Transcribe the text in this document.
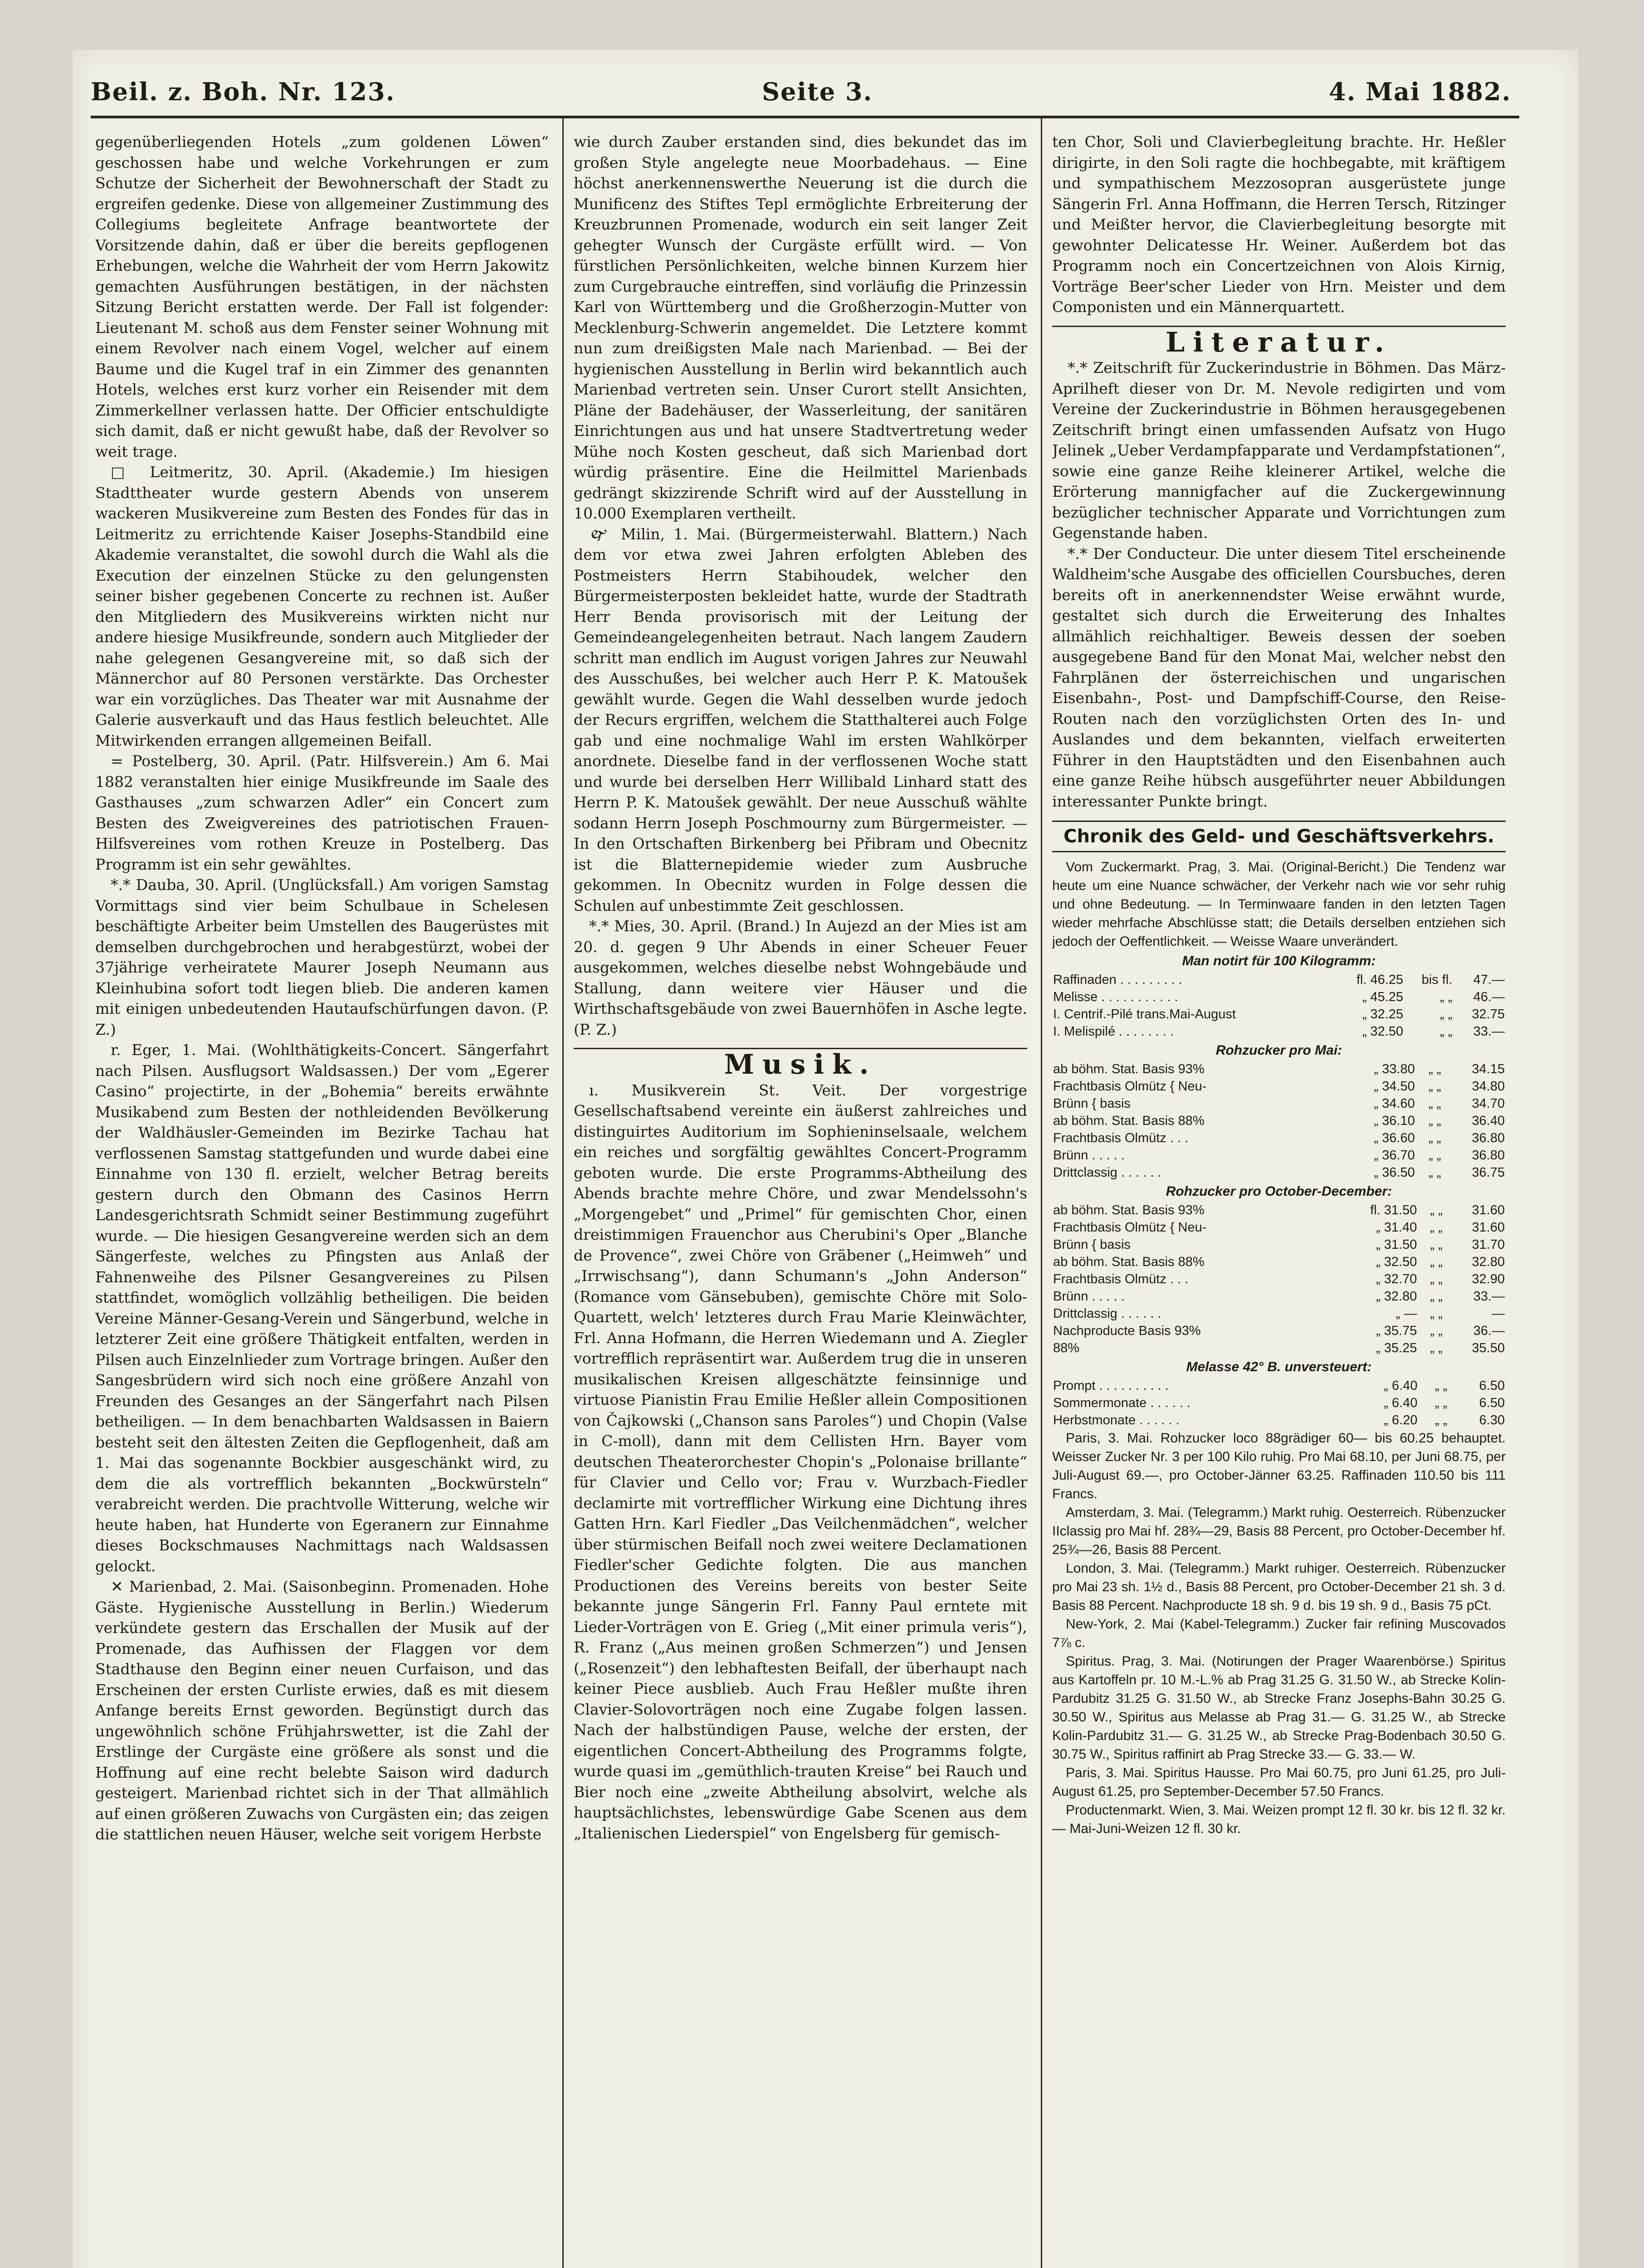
Beil. z. Boh. Nr. 123.	Seite 3.	4. Mai 1882.

gegenüberliegenden Hotels „zum goldenen Löwen“ geschossen habe und welche Vorkehrungen er zum Schutze der Sicherheit der Bewohnerschaft der Stadt zu ergreifen gedenke. Diese von allgemeiner Zustimmung des Collegiums begleitete Anfrage beantwortete der Vorsitzende dahin, daß er über die bereits gepflogenen Erhebungen, welche die Wahrheit der vom Herrn Jakowitz gemachten Ausführungen bestätigen, in der nächsten Sitzung Bericht erstatten werde. Der Fall ist folgender: Lieutenant M. schoß aus dem Fenster seiner Wohnung mit einem Revolver nach einem Vogel, welcher auf einem Baume und die Kugel traf in ein Zimmer des genannten Hotels, welches erst kurz vorher ein Reisender mit dem Zimmerkellner verlassen hatte. Der Officier entschuldigte sich damit, daß er nicht gewußt habe, daß der Revolver so weit trage.

□ Leitmeritz, 30. April. (Akademie.) Im hiesigen Stadttheater wurde gestern Abends von unserem wackeren Musikvereine zum Besten des Fondes für das in Leitmeritz zu errichtende Kaiser Josephs-Standbild eine Akademie veranstaltet, die sowohl durch die Wahl als die Execution der einzelnen Stücke zu den gelungensten seiner bisher gegebenen Concerte zu rechnen ist. Außer den Mitgliedern des Musikvereins wirkten nicht nur andere hiesige Musikfreunde, sondern auch Mitglieder der nahe gelegenen Gesangvereine mit, so daß sich der Männerchor auf 80 Personen verstärkte. Das Orchester war ein vorzügliches. Das Theater war mit Ausnahme der Galerie ausverkauft und das Haus festlich beleuchtet. Alle Mitwirkenden errangen allgemeinen Beifall.

= Postelberg, 30. April. (Patr. Hilfsverein.) Am 6. Mai 1882 veranstalten hier einige Musikfreunde im Saale des Gasthauses „zum schwarzen Adler“ ein Concert zum Besten des Zweigvereines des patriotischen Frauen-Hilfsvereines vom rothen Kreuze in Postelberg. Das Programm ist ein sehr gewähltes.

*.* Dauba, 30. April. (Unglücksfall.) Am vorigen Samstag Vormittags sind vier beim Schulbaue in Schelesen beschäftigte Arbeiter beim Umstellen des Baugerüstes mit demselben durchgebrochen und herabgestürzt, wobei der 37jährige verheiratete Maurer Joseph Neumann aus Kleinhubina sofort todt liegen blieb. Die anderen kamen mit einigen unbedeutenden Hautaufschürfungen davon. (P. Z.)

r. Eger, 1. Mai. (Wohlthätigkeits-Concert. Sängerfahrt nach Pilsen. Ausflugsort Waldsassen.) Der vom „Egerer Casino“ projectirte, in der „Bohemia“ bereits erwähnte Musikabend zum Besten der nothleidenden Bevölkerung der Waldhäusler-Gemeinden im Bezirke Tachau hat verflossenen Samstag stattgefunden und wurde dabei eine Einnahme von 130 fl. erzielt, welcher Betrag bereits gestern durch den Obmann des Casinos Herrn Landesgerichtsrath Schmidt seiner Bestimmung zugeführt wurde. — Die hiesigen Gesangvereine werden sich an dem Sängerfeste, welches zu Pfingsten aus Anlaß der Fahnenweihe des Pilsner Gesangvereines zu Pilsen stattfindet, womöglich vollzählig betheiligen. Die beiden Vereine Männer-Gesang-Verein und Sängerbund, welche in letzterer Zeit eine größere Thätigkeit entfalten, werden in Pilsen auch Einzelnlieder zum Vortrage bringen. Außer den Sangesbrüdern wird sich noch eine größere Anzahl von Freunden des Gesanges an der Sängerfahrt nach Pilsen betheiligen. — In dem benachbarten Waldsassen in Baiern besteht seit den ältesten Zeiten die Gepflogenheit, daß am 1. Mai das sogenannte Bockbier ausgeschänkt wird, zu dem die als vortrefflich bekannten „Bockwürsteln“ verabreicht werden. Die prachtvolle Witterung, welche wir heute haben, hat Hunderte von Egeranern zur Einnahme dieses Bockschmauses Nachmittags nach Waldsassen gelockt.

✕ Marienbad, 2. Mai. (Saisonbeginn. Promenaden. Hohe Gäste. Hygienische Ausstellung in Berlin.) Wiederum verkündete gestern das Erschallen der Musik auf der Promenade, das Aufhissen der Flaggen vor dem Stadthause den Beginn einer neuen Curfaison, und das Erscheinen der ersten Curliste erwies, daß es mit diesem Anfange bereits Ernst geworden. Begünstigt durch das ungewöhnlich schöne Frühjahrswetter, ist die Zahl der Erstlinge der Curgäste eine größere als sonst und die Hoffnung auf eine recht belebte Saison wird dadurch gesteigert. Marienbad richtet sich in der That allmählich auf einen größeren Zuwachs von Curgästen ein; das zeigen die stattlichen neuen Häuser, welche seit vorigem Herbste

wie durch Zauber erstanden sind, dies bekundet das im großen Style angelegte neue Moorbadehaus. — Eine höchst anerkennenswerthe Neuerung ist die durch die Munificenz des Stiftes Tepl ermöglichte Erbreiterung der Kreuzbrunnen Promenade, wodurch ein seit langer Zeit gehegter Wunsch der Curgäste erfüllt wird. — Von fürstlichen Persönlichkeiten, welche binnen Kurzem hier zum Curgebrauche eintreffen, sind vorläufig die Prinzessin Karl von Württemberg und die Großherzogin-Mutter von Mecklenburg-Schwerin angemeldet. Die Letztere kommt nun zum dreißigsten Male nach Marienbad. — Bei der hygienischen Ausstellung in Berlin wird bekanntlich auch Marienbad vertreten sein. Unser Curort stellt Ansichten, Pläne der Badehäuser, der Wasserleitung, der sanitären Einrichtungen aus und hat unsere Stadtvertretung weder Mühe noch Kosten gescheut, daß sich Marienbad dort würdig präsentire. Eine die Heilmittel Marienbads gedrängt skizzirende Schrift wird auf der Ausstellung in 10.000 Exemplaren vertheilt.

🙰 Milin, 1. Mai. (Bürgermeisterwahl. Blattern.) Nach dem vor etwa zwei Jahren erfolgten Ableben des Postmeisters Herrn Stabihoudek, welcher den Bürgermeisterposten bekleidet hatte, wurde der Stadtrath Herr Benda provisorisch mit der Leitung der Gemeindeangelegenheiten betraut. Nach langem Zaudern schritt man endlich im August vorigen Jahres zur Neuwahl des Ausschußes, bei welcher auch Herr P. K. Matoušek gewählt wurde. Gegen die Wahl desselben wurde jedoch der Recurs ergriffen, welchem die Statthalterei auch Folge gab und eine nochmalige Wahl im ersten Wahlkörper anordnete. Dieselbe fand in der verflossenen Woche statt und wurde bei derselben Herr Willibald Linhard statt des Herrn P. K. Matoušek gewählt. Der neue Ausschuß wählte sodann Herrn Joseph Poschmourny zum Bürgermeister. — In den Ortschaften Birkenberg bei Přibram und Obecnitz ist die Blatternepidemie wieder zum Ausbruche gekommen. In Obecnitz wurden in Folge dessen die Schulen auf unbestimmte Zeit geschlossen.

*.* Mies, 30. April. (Brand.) In Aujezd an der Mies ist am 20. d. gegen 9 Uhr Abends in einer Scheuer Feuer ausgekommen, welches dieselbe nebst Wohngebäude und Stallung, dann weitere vier Häuser und die Wirthschaftsgebäude von zwei Bauernhöfen in Asche legte. (P. Z.)

Musik.

ı. Musikverein St. Veit. Der vorgestrige Gesellschaftsabend vereinte ein äußerst zahlreiches und distinguirtes Auditorium im Sophieninselsaale, welchem ein reiches und sorgfältig gewähltes Concert-Programm geboten wurde. Die erste Programms-Abtheilung des Abends brachte mehre Chöre, und zwar Mendelssohn's „Morgengebet“ und „Primel“ für gemischten Chor, einen dreistimmigen Frauenchor aus Cherubini's Oper „Blanche de Provence“, zwei Chöre von Gräbener („Heimweh“ und „Irrwischsang“), dann Schumann's „John Anderson“ (Romance vom Gänsebuben), gemischte Chöre mit Solo-Quartett, welch' letzteres durch Frau Marie Kleinwächter, Frl. Anna Hofmann, die Herren Wiedemann und A. Ziegler vortrefflich repräsentirt war. Außerdem trug die in unseren musikalischen Kreisen allgeschätzte feinsinnige und virtuose Pianistin Frau Emilie Heßler allein Compositionen von Čajkowski („Chanson sans Paroles“) und Chopin (Valse in C-moll), dann mit dem Cellisten Hrn. Bayer vom deutschen Theaterorchester Chopin's „Polonaise brillante“ für Clavier und Cello vor; Frau v. Wurzbach-Fiedler declamirte mit vortrefflicher Wirkung eine Dichtung ihres Gatten Hrn. Karl Fiedler „Das Veilchenmädchen“, welcher über stürmischen Beifall noch zwei weitere Declamationen Fiedler'scher Gedichte folgten. Die aus manchen Productionen des Vereins bereits von bester Seite bekannte junge Sängerin Frl. Fanny Paul erntete mit Lieder-Vorträgen von E. Grieg („Mit einer primula veris“), R. Franz („Aus meinen großen Schmerzen“) und Jensen („Rosenzeit“) den lebhaftesten Beifall, der überhaupt nach keiner Piece ausblieb. Auch Frau Heßler mußte ihren Clavier-Solovorträgen noch eine Zugabe folgen lassen. Nach der halbstündigen Pause, welche der ersten, der eigentlichen Concert-Abtheilung des Programms folgte, wurde quasi im „gemüthlich-trauten Kreise“ bei Rauch und Bier noch eine „zweite Abtheilung absolvirt, welche als hauptsächlichstes, lebenswürdige Gabe Scenen aus dem „Italienischen Liederspiel“ von Engelsberg für gemisch-

ten Chor, Soli und Clavierbegleitung brachte. Hr. Heßler dirigirte, in den Soli ragte die hochbegabte, mit kräftigem und sympathischem Mezzosopran ausgerüstete junge Sängerin Frl. Anna Hoffmann, die Herren Tersch, Ritzinger und Meißter hervor, die Clavierbegleitung besorgte mit gewohnter Delicatesse Hr. Weiner. Außerdem bot das Programm noch ein Concertzeichnen von Alois Kirnig, Vorträge Beer'scher Lieder von Hrn. Meister und dem Componisten und ein Männerquartett.

Literatur.

*.* Zeitschrift für Zuckerindustrie in Böhmen. Das März-Aprilheft dieser von Dr. M. Nevole redigirten und vom Vereine der Zuckerindustrie in Böhmen herausgegebenen Zeitschrift bringt einen umfassenden Aufsatz von Hugo Jelinek „Ueber Verdampfapparate und Verdampfstationen“, sowie eine ganze Reihe kleinerer Artikel, welche die Erörterung mannigfacher auf die Zuckergewinnung bezüglicher technischer Apparate und Vorrichtungen zum Gegenstande haben.

*.* Der Conducteur. Die unter diesem Titel erscheinende Waldheim'sche Ausgabe des officiellen Coursbuches, deren bereits oft in anerkennendster Weise erwähnt wurde, gestaltet sich durch die Erweiterung des Inhaltes allmählich reichhaltiger. Beweis dessen der soeben ausgegebene Band für den Monat Mai, welcher nebst den Fahrplänen der österreichischen und ungarischen Eisenbahn-, Post- und Dampfschiff-Course, den Reise-Routen nach den vorzüglichsten Orten des In- und Auslandes und dem bekannten, vielfach erweiterten Führer in den Hauptstädten und den Eisenbahnen auch eine ganze Reihe hübsch ausgeführter neuer Abbildungen interessanter Punkte bringt.

Chronik des Geld- und Geschäftsverkehrs.

Vom Zuckermarkt. Prag, 3. Mai. (Original-Bericht.) Die Tendenz war heute um eine Nuance schwächer, der Verkehr nach wie vor sehr ruhig und ohne Bedeutung. — In Terminwaare fanden in den letzten Tagen wieder mehrfache Abschlüsse statt; die Details derselben entziehen sich jedoch der Oeffentlichkeit. — Weisse Waare unverändert.

Man notirt für 100 Kilogramm:
Raffinaden . . . . . . . . .	fl. 46.25	bis fl.	47.—
Melisse . . . . . . . . . . .	„ 45.25	„ „	46.—
I. Centrif.-Pilé trans.Mai-August	„ 32.25	„ „	32.75
I. Melispilé . . . . . . . .	„ 32.50	„ „	33.—
Rohzucker pro Mai:
ab böhm. Stat. Basis 93%	„ 33.80	„ „	34.15
Frachtbasis Olmütz { Neu-	„ 34.50	„ „	34.80
Brünn { basis	„ 34.60	„ „	34.70
ab böhm. Stat. Basis 88%	„ 36.10	„ „	36.40
Frachtbasis Olmütz . . .	„ 36.60	„ „	36.80
Brünn . . . . .	„ 36.70	„ „	36.80
Drittclassig . . . . . .	„ 36.50	„ „	36.75
Rohzucker pro October-December:
ab böhm. Stat. Basis 93%	fl. 31.50	„ „	31.60
Frachtbasis Olmütz { Neu-	„ 31.40	„ „	31.60
Brünn { basis	„ 31.50	„ „	31.70
ab böhm. Stat. Basis 88%	„ 32.50	„ „	32.80
Frachtbasis Olmütz . . .	„ 32.70	„ „	32.90
Brünn . . . . .	„ 32.80	„ „	33.—
Drittclassig . . . . . .	„ —	„ „	—
Nachproducte Basis 93%	„ 35.75	„ „	36.—
88%	„ 35.25	„ „	35.50
Melasse 42° B. unversteuert:
Prompt . . . . . . . . . .	„ 6.40	„ „	6.50
Sommermonate . . . . . .	„ 6.40	„ „	6.50
Herbstmonate . . . . . .	„ 6.20	„ „	6.30

Paris, 3. Mai. Rohzucker loco 88grädiger 60— bis 60.25 behauptet. Weisser Zucker Nr. 3 per 100 Kilo ruhig. Pro Mai 68.10, per Juni 68.75, per Juli-August 69.—, pro October-Jänner 63.25. Raffinaden 110.50 bis 111 Francs.

Amsterdam, 3. Mai. (Telegramm.) Markt ruhig. Oesterreich. Rübenzucker IIclassig pro Mai hf. 28¾—29, Basis 88 Percent, pro October-December hf. 25¾—26, Basis 88 Percent.

London, 3. Mai. (Telegramm.) Markt ruhiger. Oesterreich. Rübenzucker pro Mai 23 sh. 1½ d., Basis 88 Percent, pro October-December 21 sh. 3 d. Basis 88 Percent. Nachproducte 18 sh. 9 d. bis 19 sh. 9 d., Basis 75 pCt.

New-York, 2. Mai (Kabel-Telegramm.) Zucker fair refining Muscovados 7⅞ c.

Spiritus. Prag, 3. Mai. (Notirungen der Prager Waarenbörse.) Spiritus aus Kartoffeln pr. 10 M.-L.% ab Prag 31.25 G. 31.50 W., ab Strecke Kolin-Pardubitz 31.25 G. 31.50 W., ab Strecke Franz Josephs-Bahn 30.25 G. 30.50 W., Spiritus aus Melasse ab Prag 31.— G. 31.25 W., ab Strecke Kolin-Pardubitz 31.— G. 31.25 W., ab Strecke Prag-Bodenbach 30.50 G. 30.75 W., Spiritus raffinirt ab Prag Strecke 33.— G. 33.— W.

Paris, 3. Mai. Spiritus Hausse. Pro Mai 60.75, pro Juni 61.25, pro Juli-August 61.25, pro September-December 57.50 Francs.

Productenmarkt. Wien, 3. Mai. Weizen prompt 12 fl. 30 kr. bis 12 fl. 32 kr. — Mai-Juni-Weizen 12 fl. 30 kr.
